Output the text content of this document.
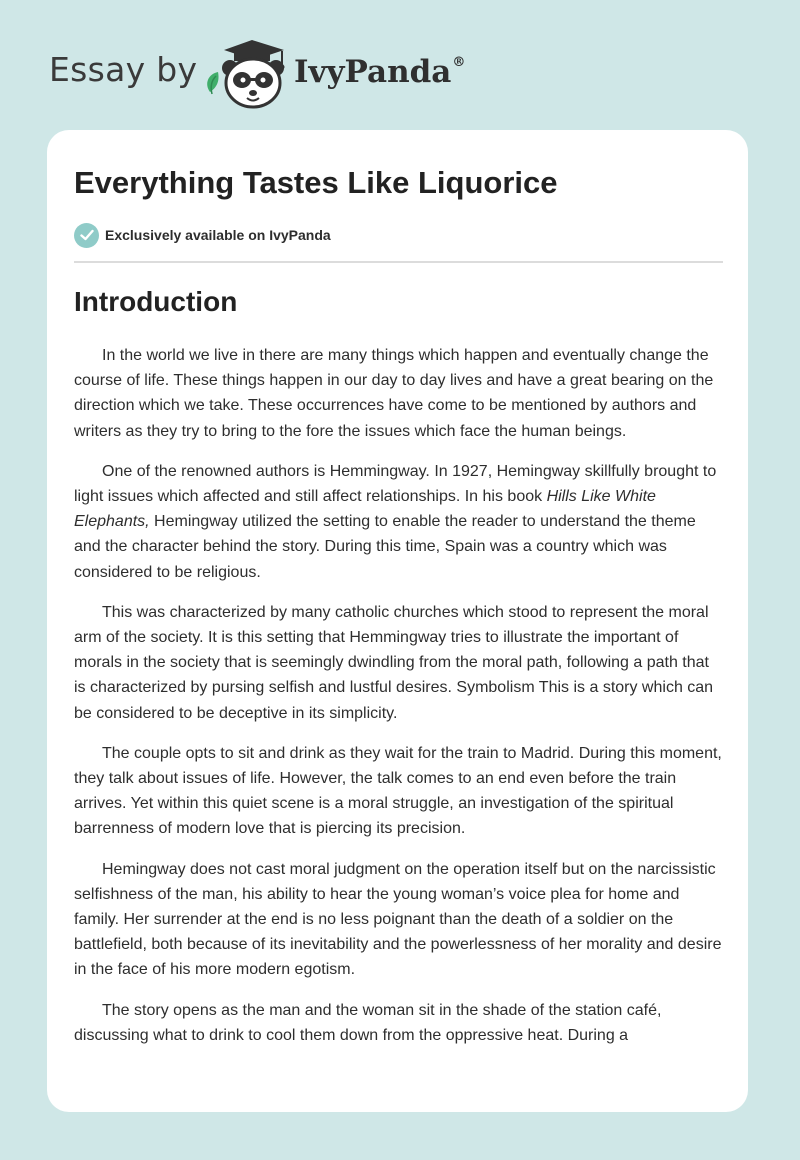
Essay by	IvyPanda®
Everything Tastes Like Liquorice
Exclusively available on IvyPanda
Introduction

In the world we live in there are many things which happen and eventually change the course of life. These things happen in our day to day lives and have a great bearing on the direction which we take. These occurrences have come to be mentioned by authors and writers as they try to bring to the fore the issues which face the human beings.

One of the renowned authors is Hemmingway. In 1927, Hemingway skillfully brought to light issues which affected and still affect relationships. In his book Hills Like White Elephants, Hemingway utilized the setting to enable the reader to understand the theme and the character behind the story. During this time, Spain was a country which was considered to be religious.

This was characterized by many catholic churches which stood to represent the moral arm of the society. It is this setting that Hemmingway tries to illustrate the important of morals in the society that is seemingly dwindling from the moral path, following a path that is characterized by pursing selfish and lustful desires. Symbolism This is a story which can be considered to be deceptive in its simplicity.

The couple opts to sit and drink as they wait for the train to Madrid. During this moment, they talk about issues of life. However, the talk comes to an end even before the train arrives. Yet within this quiet scene is a moral struggle, an investigation of the spiritual barrenness of modern love that is piercing its precision.

Hemingway does not cast moral judgment on the operation itself but on the narcissistic selfishness of the man, his ability to hear the young woman’s voice plea for home and family. Her surrender at the end is no less poignant than the death of a soldier on the battlefield, both because of its inevitability and the powerlessness of her morality and desire in the face of his more modern egotism.

The story opens as the man and the woman sit in the shade of the station café, discussing what to drink to cool them down from the oppressive heat. During a
